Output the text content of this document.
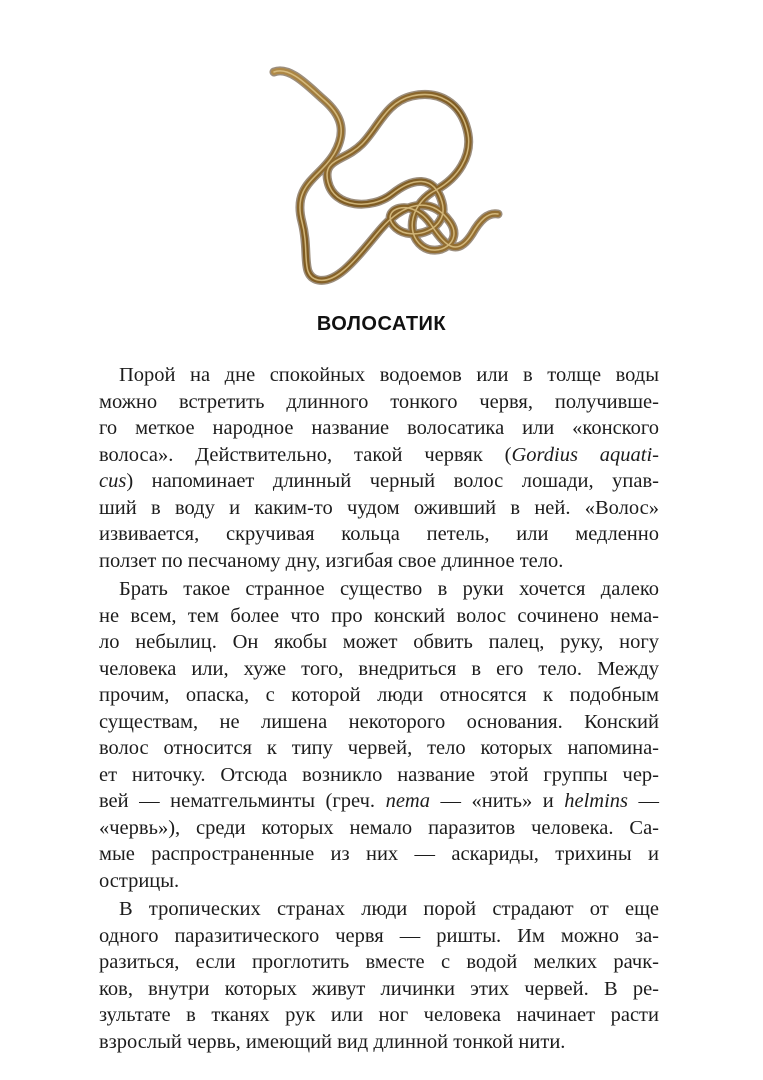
ВОЛОСАТИК
Порой на дне спокойных водоемов или в толще воды
можно встретить длинного тонкого червя, получивше-
го меткое народное название волосатика или «конского
волоса». Действительно, такой червяк (Gordius aquati-
cus) напоминает длинный черный волос лошади, упав-
ший в воду и каким-то чудом оживший в ней. «Волос»
извивается, скручивая кольца петель, или медленно
ползет по песчаному дну, изгибая свое длинное тело.
Брать такое странное существо в руки хочется далеко
не всем, тем более что про конский волос сочинено нема-
ло небылиц. Он якобы может обвить палец, руку, ногу
человека или, хуже того, внедриться в его тело. Между
прочим, опаска, с которой люди относятся к подобным
существам, не лишена некоторого основания. Конский
волос относится к типу червей, тело которых напомина-
ет ниточку. Отсюда возникло название этой группы чер-
вей — нематгельминты (греч. nema — «нить» и helmins —
«червь»), среди которых немало паразитов человека. Са-
мые распространенные из них — аскариды, трихины и
острицы.
В тропических странах люди порой страдают от еще
одного паразитического червя — ришты. Им можно за-
разиться, если проглотить вместе с водой мелких рачк-
ков, внутри которых живут личинки этих червей. В ре-
зультате в тканях рук или ног человека начинает расти
взрослый червь, имеющий вид длинной тонкой нити.
